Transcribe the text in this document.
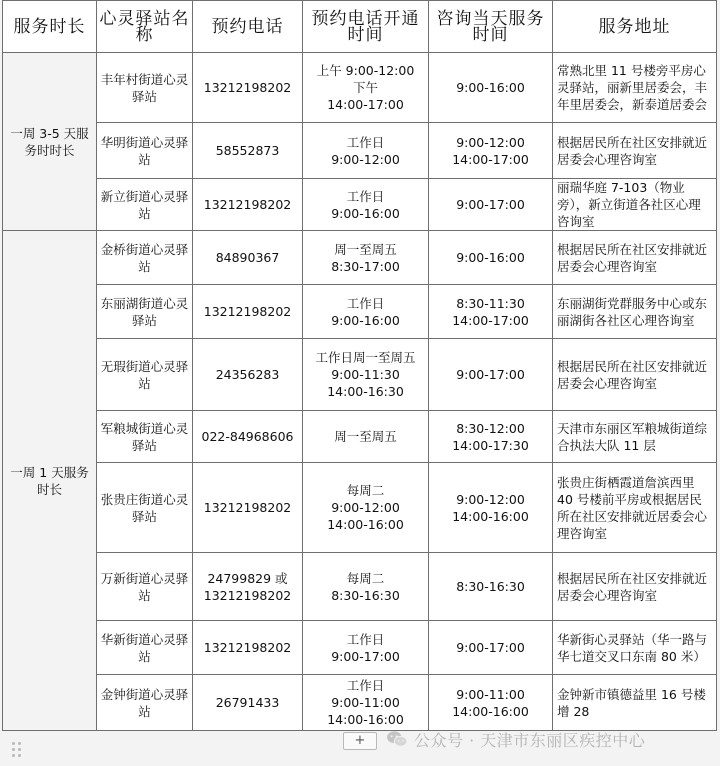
服务时长	心灵驿站名称	预约电话	预约电话开通时间	咨询当天服务时间	服务地址
一周 3-5 天服务时时长	丰年村街道心灵驿站	13212198202	上午 9:00-12:00
下午
14:00-17:00	9:00-16:00	常熟北里 11 号楼旁平房心灵驿站，丽新里居委会，丰年里居委会，新泰道居委会
	华明街道心灵驿站	58552873	工作日
9:00-12:00	9:00-12:00
14:00-17:00	根据居民所在社区安排就近居委会心理咨询室
	新立街道心灵驿站	13212198202	工作日
9:00-16:00	9:00-17:00	丽瑞华庭 7-103（物业旁），新立街道各社区心理咨询室
一周 1 天服务时长	金桥街道心灵驿站	84890367	周一至周五
8:30-17:00	9:00-16:00	根据居民所在社区安排就近居委会心理咨询室
	东丽湖街道心灵驿站	13212198202	工作日
9:00-16:00	8:30-11:30
14:00-17:00	东丽湖街党群服务中心或东丽湖街各社区心理咨询室
	无瑕街道心灵驿站	24356283	工作日周一至周五
9:00-11:30
14:00-16:30	9:00-17:00	根据居民所在社区安排就近居委会心理咨询室
	军粮城街道心灵驿站	022-84968606	周一至周五	8:30-12:00
14:00-17:30	天津市东丽区军粮城街道综合执法大队 11 层
	张贵庄街道心灵驿站	13212198202	每周二
9:00-12:00
14:00-16:00	9:00-12:00
14:00-16:00	张贵庄街栖霞道詹滨西里 40 号楼前平房或根据居民所在社区安排就近居委会心理咨询室
	万新街道心灵驿站	24799829 或
13212198202	每周二
8:30-16:30	8:30-16:30	根据居民所在社区安排就近居委会心理咨询室
	华新街道心灵驿站	13212198202	工作日
9:00-17:00	9:00-17:00	华新街心灵驿站（华一路与华七道交叉口东南 80 米）
	金钟街道心灵驿站	26791433	工作日
9:00-11:00
14:00-16:00	9:00-11:00
14:00-16:00	金钟新市镇德益里 16 号楼增 28
+	公众号 · 天津市东丽区疾控中心
